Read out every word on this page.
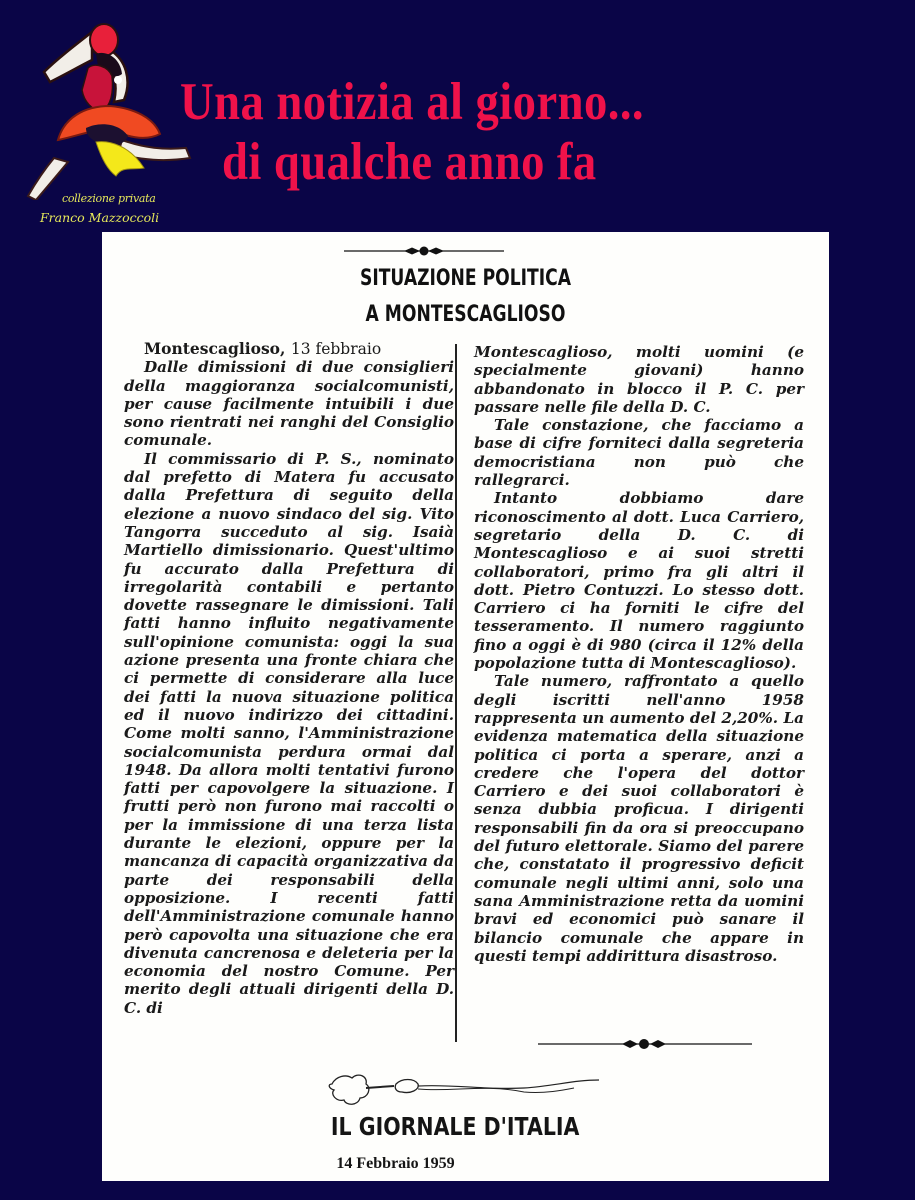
collezione privata
Franco Mazzoccoli
Una notizia al giorno...
di qualche anno fa
SITUAZIONE POLITICA
A MONTESCAGLIOSO
Montescaglioso, 13 febbraio

Dalle dimissioni di due consiglieri della maggioranza socialcomunisti, per cause facilmente intuibili i due sono rientrati nei ranghi del Consiglio comunale.

Il commissario di P. S., nominato dal prefetto di Matera fu accusato dalla Prefettura di seguito della elezione a nuovo sindaco del sig. Vito Tangorra succeduto al sig. Isaià Martiello dimissionario. Quest'ultimo fu accurato dalla Prefettura di irregolarità contabili e pertanto dovette rassegnare le dimissioni. Tali fatti hanno influito negativamente sull'opinione comunista: oggi la sua azione presenta una fronte chiara che ci permette di considerare alla luce dei fatti la nuova situazione politica ed il nuovo indirizzo dei cittadini. Come molti sanno, l'Amministrazione socialcomunista perdura ormai dal 1948. Da allora molti tentativi furono fatti per capovolgere la situazione. I frutti però non furono mai raccolti o per la immissione di una terza lista durante le elezioni, oppure per la mancanza di capacità organizzativa da parte dei responsabili della opposizione. I recenti fatti dell'Amministrazione comunale hanno però capovolta una situazione che era divenuta cancrenosa e deleteria per la economia del nostro Comune. Per merito degli attuali dirigenti della D. C. di

Montescaglioso, molti uomini (e specialmente giovani) hanno abbandonato in blocco il P. C. per passare nelle file della D. C.

Tale constazione, che facciamo a base di cifre forniteci dalla segreteria democristiana non può che rallegrarci.

Intanto dobbiamo dare riconoscimento al dott. Luca Carriero, segretario della D. C. di Montescaglioso e ai suoi stretti collaboratori, primo fra gli altri il dott. Pietro Contuzzi. Lo stesso dott. Carriero ci ha forniti le cifre del tesseramento. Il numero raggiunto fino a oggi è di 980 (circa il 12% della popolazione tutta di Montescaglioso).

Tale numero, raffrontato a quello degli iscritti nell'anno 1958 rappresenta un aumento del 2,20%. La evidenza matematica della situazione politica ci porta a sperare, anzi a credere che l'opera del dottor Carriero e dei suoi collaboratori è senza dubbia proficua. I dirigenti responsabili fin da ora si preoccupano del futuro elettorale. Siamo del parere che, constatato il progressivo deficit comunale negli ultimi anni, solo una sana Amministrazione retta da uomini bravi ed economici può sanare il bilancio comunale che appare in questi tempi addirittura disastroso.

IL GIORNALE D'ITALIA
14 Febbraio 1959
